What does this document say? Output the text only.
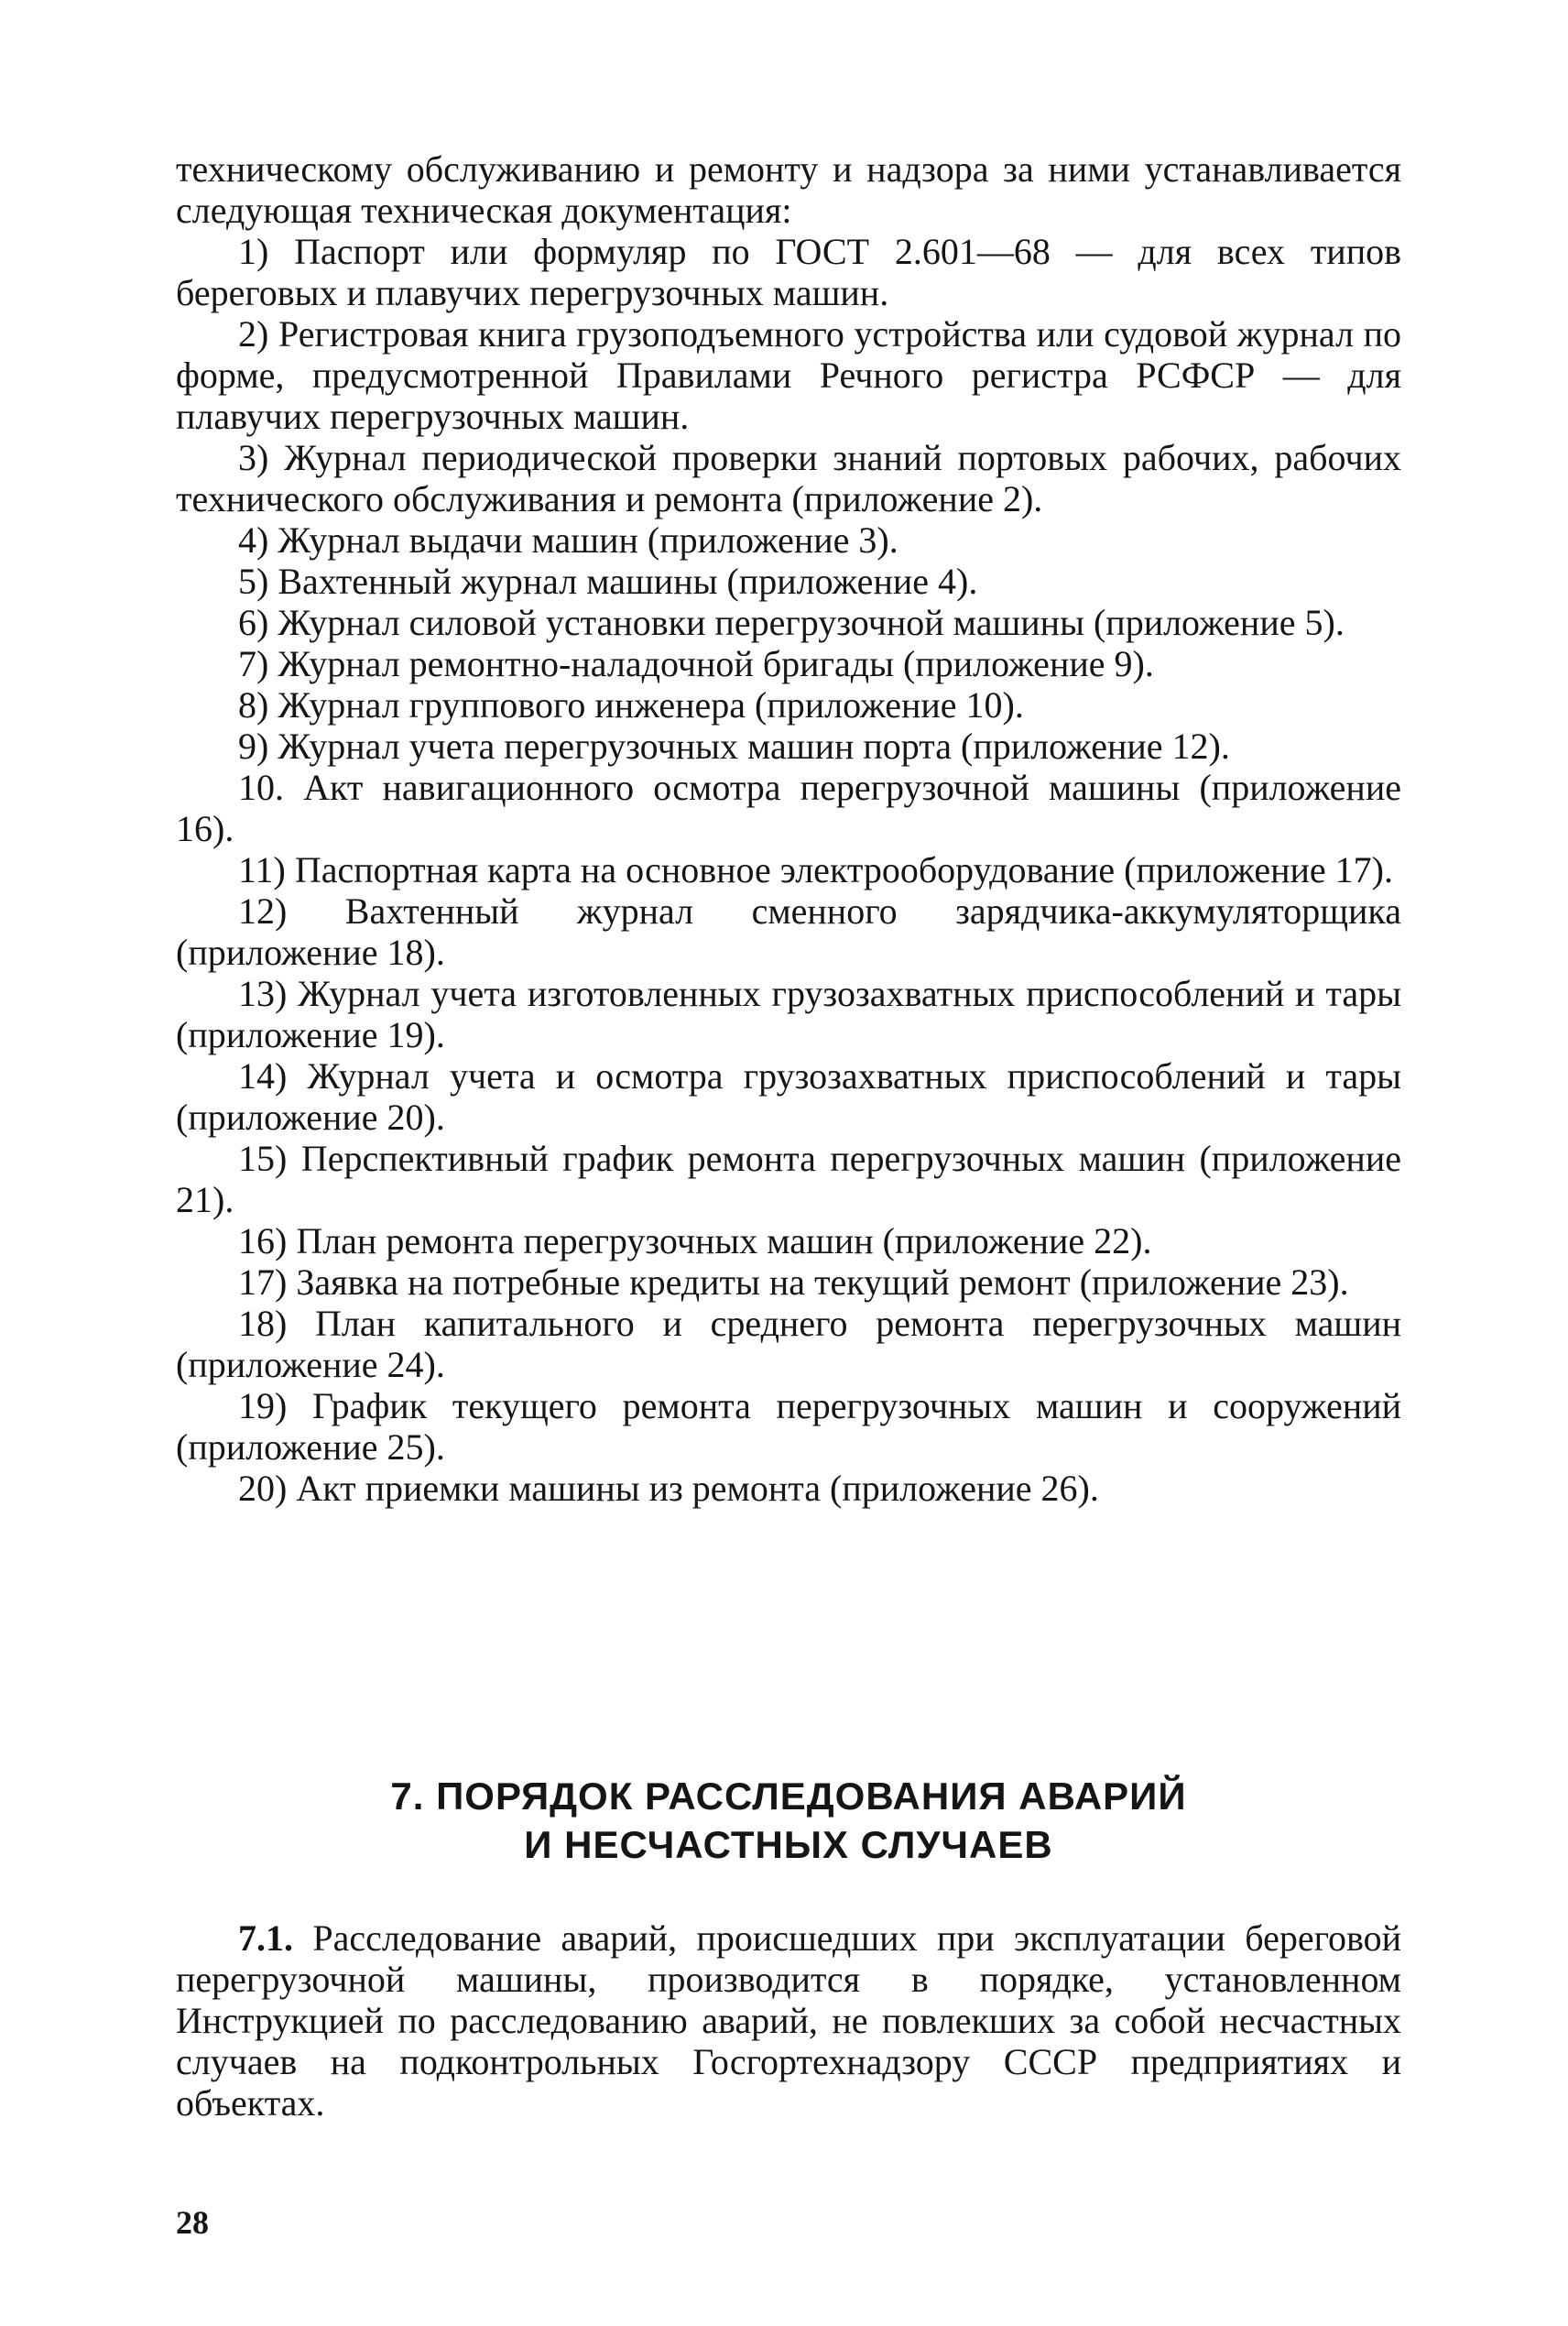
техническому обслуживанию и ремонту и надзора за ними устанавливается следующая техническая документация:

1) Паспорт или формуляр по ГОСТ 2.601—68 — для всех типов береговых и плавучих перегрузочных машин.
2) Регистровая книга грузоподъемного устройства или судовой журнал по форме, предусмотренной Правилами Речного регистра РСФСР — для плавучих перегрузочных машин.
3) Журнал периодической проверки знаний портовых рабочих, рабочих технического обслуживания и ремонта (приложение 2).
4) Журнал выдачи машин (приложение 3).
5) Вахтенный журнал машины (приложение 4).
6) Журнал силовой установки перегрузочной машины (приложение 5).
7) Журнал ремонтно-наладочной бригады (приложение 9).
8) Журнал группового инженера (приложение 10).
9) Журнал учета перегрузочных машин порта (приложение 12).
10. Акт навигационного осмотра перегрузочной машины (приложение 16).
11) Паспортная карта на основное электрооборудование (приложение 17).
12) Вахтенный журнал сменного зарядчика-аккумуляторщика (приложение 18).
13) Журнал учета изготовленных грузозахватных приспособлений и тары (приложение 19).
14) Журнал учета и осмотра грузозахватных приспособлений и тары (приложение 20).
15) Перспективный график ремонта перегрузочных машин (приложение 21).
16) План ремонта перегрузочных машин (приложение 22).
17) Заявка на потребные кредиты на текущий ремонт (приложение 23).
18) План капитального и среднего ремонта перегрузочных машин (приложение 24).
19) График текущего ремонта перегрузочных машин и сооружений (приложение 25).
20) Акт приемки машины из ремонта (приложение 26).
7. ПОРЯДОК РАССЛЕДОВАНИЯ АВАРИЙ
И НЕСЧАСТНЫХ СЛУЧАЕВ

7.1. Расследование аварий, происшедших при эксплуатации береговой перегрузочной машины, производится в порядке, установленном Инструкцией по расследованию аварий, не повлекших за собой несчастных случаев на подконтрольных Госгортехнадзору СССР предприятиях и объектах.

28
